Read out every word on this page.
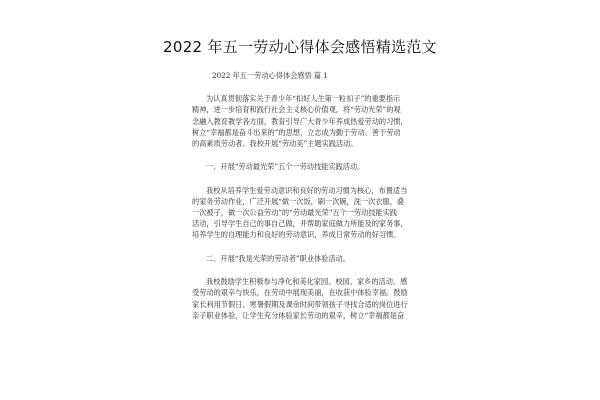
2022 年五一劳动心得体会感悟精选范文
2022 年五一劳动心得体会感悟 篇 1
为认真贯彻落实关于青少年“扣好人生第一粒扣子”的重要指示
精神，进一步培育和践行社会主义核心价值观，将“劳动光荣”的观
念融入教育教学各方面，教育引导广大青少年养成热爱劳动的习惯，
树立“幸福都是奋斗出来的”的思想，立志成为勤于劳动、善于劳动
的高素质劳动者。我校开展“劳动美”主题实践活动。
一、开展“劳动最光荣”五个一劳动技能实践活动。
我校从培养学生爱劳动意识和良好的劳动习惯为核心，布置适当
的家务劳动作业，广泛开展“做一次饭，刷一次碗，洗一次衣服，叠
一次被子，做一次公益劳动”的“劳动最光荣”五个一劳动技能实践
活动，引导学生自己的事自己做，并帮助家庭做力所能及的家务事，
培养学生的自理能力和良好的劳动意识，养成日常劳动的好习惯。
二、开展“我是光荣的劳动者”职业体验活动。
我校鼓励学生积极参与净化和美化家园、校园、家乡的活动，感
受劳动的艰辛与快乐，在劳动中展现美丽，在收获中体验幸福。鼓励
家长利用节假日、寒暑假期及课余时间带领孩子寻找合适的岗位进行
亲子职业体验，让学生充分体验家长劳动的艰辛，树立“幸福都是奋
